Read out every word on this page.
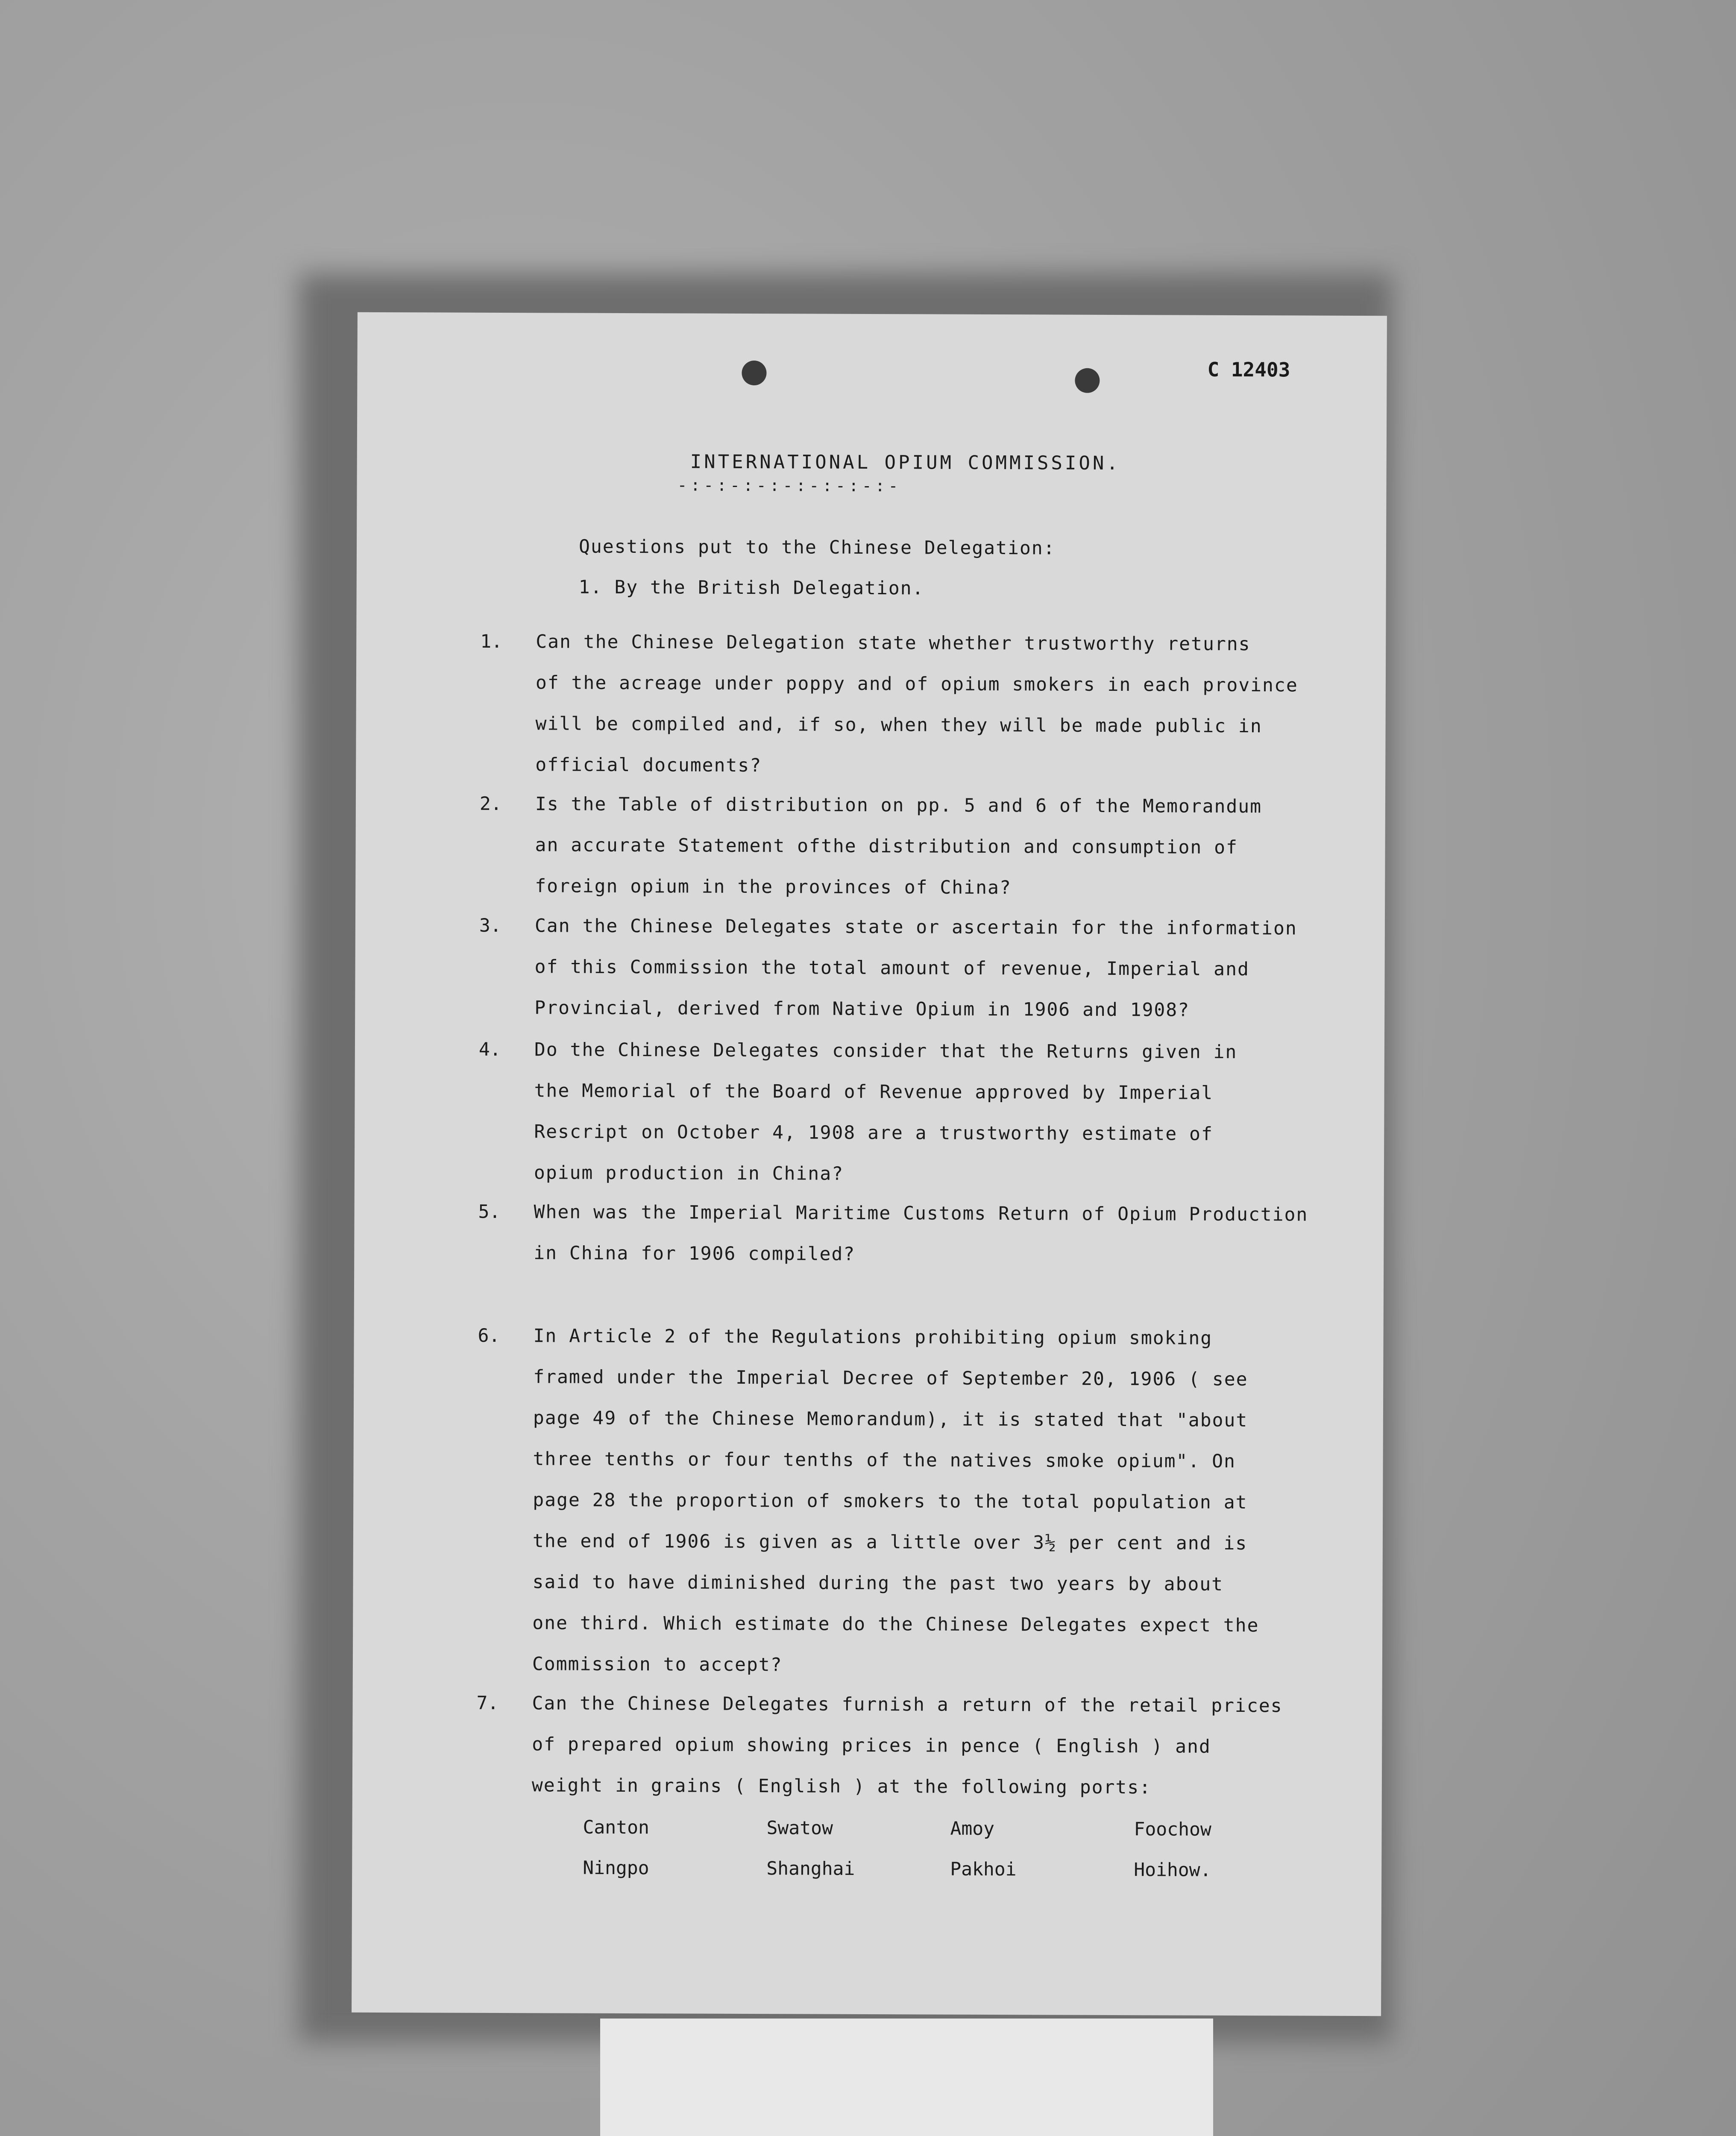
C 12403
INTERNATIONAL OPIUM COMMISSION.
-:-:-:-:-:-:-:-:-
Questions put to the Chinese Delegation:
1. By the British Delegation.
1. Can the Chinese Delegation state whether trustworthy returns
of the acreage under poppy and of opium smokers in each province
will be compiled and, if so, when they will be made public in
official documents?
2. Is the Table of distribution on pp. 5 and 6 of the Memorandum
an accurate Statement ofthe distribution and consumption of
foreign opium in the provinces of China?
3. Can the Chinese Delegates state or ascertain for the information
of this Commission the total amount of revenue, Imperial and
Provincial, derived from Native Opium in 1906 and 1908?
4. Do the Chinese Delegates consider that the Returns given in
the Memorial of the Board of Revenue approved by Imperial
Rescript on October 4, 1908 are a trustworthy estimate of
opium production in China?
5. When was the Imperial Maritime Customs Return of Opium Production
in China for 1906 compiled?
6. In Article 2 of the Regulations prohibiting opium smoking
framed under the Imperial Decree of September 20, 1906 ( see
page 49 of the Chinese Memorandum), it is stated that "about
three tenths or four tenths of the natives smoke opium". On
page 28 the proportion of smokers to the total population at
the end of 1906 is given as a little over 3½ per cent and is
said to have diminished during the past two years by about
one third. Which estimate do the Chinese Delegates expect the
Commission to accept?
7. Can the Chinese Delegates furnish a return of the retail prices
of prepared opium showing prices in pence ( English ) and
weight in grains ( English ) at the following ports:
Canton	Swatow	Amoy	Foochow
Ningpo	Shanghai	Pakhoi	Hoihow.
